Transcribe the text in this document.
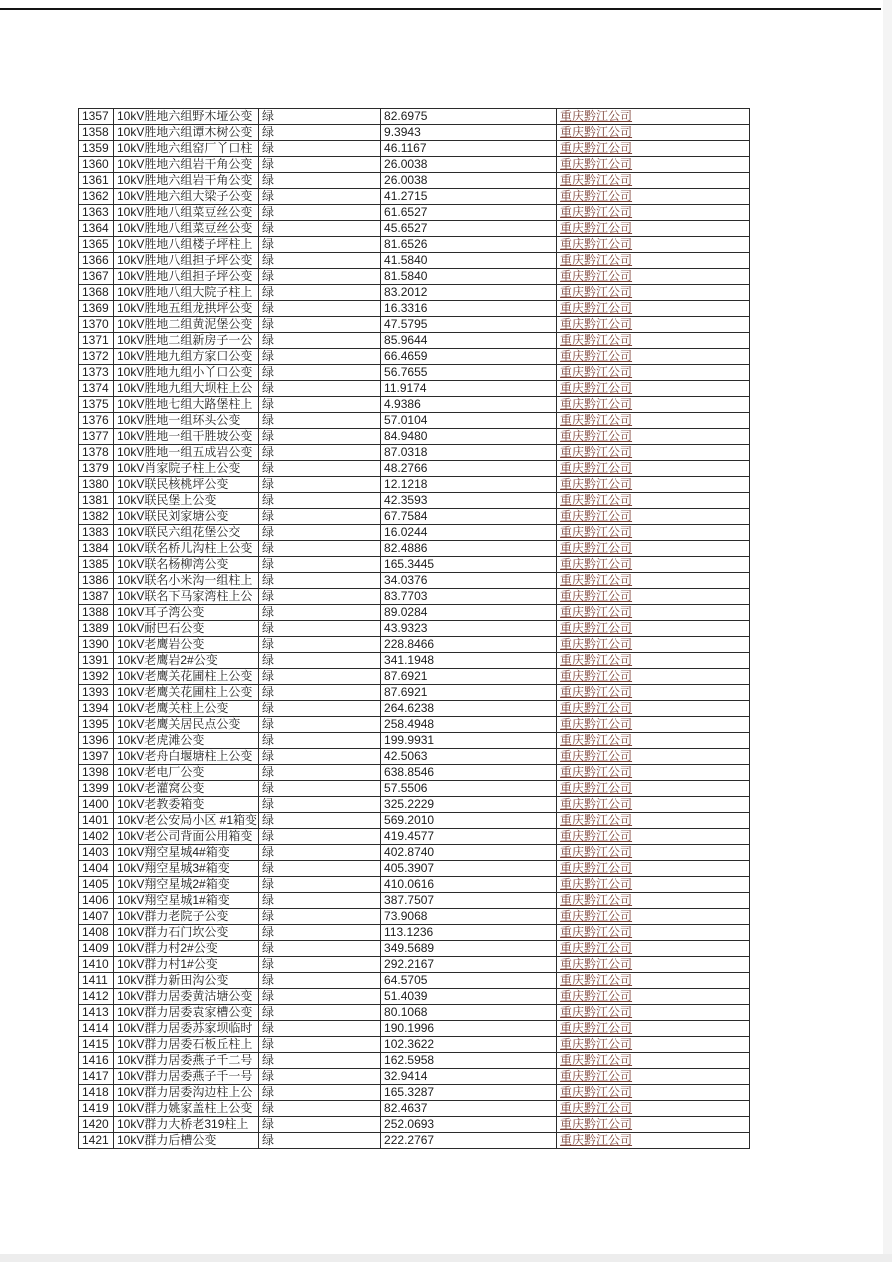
1357	10kV胜地六组野木垭公变	绿	82.6975	重庆黔江公司
1358	10kV胜地六组谭木树公变	绿	9.3943	重庆黔江公司
1359	10kV胜地六组窑厂丫口柱	绿	46.1167	重庆黔江公司
1360	10kV胜地六组岩干角公变	绿	26.0038	重庆黔江公司
1361	10kV胜地六组岩干角公变	绿	26.0038	重庆黔江公司
1362	10kV胜地六组大梁子公变	绿	41.2715	重庆黔江公司
1363	10kV胜地八组菜豆丝公变	绿	61.6527	重庆黔江公司
1364	10kV胜地八组菜豆丝公变	绿	45.6527	重庆黔江公司
1365	10kV胜地八组楼子坪柱上	绿	81.6526	重庆黔江公司
1366	10kV胜地八组担子坪公变	绿	41.5840	重庆黔江公司
1367	10kV胜地八组担子坪公变	绿	81.5840	重庆黔江公司
1368	10kV胜地八组大院子柱上	绿	83.2012	重庆黔江公司
1369	10kV胜地五组龙拱坪公变	绿	16.3316	重庆黔江公司
1370	10kV胜地二组黄泥堡公变	绿	47.5795	重庆黔江公司
1371	10kV胜地二组新房子一公	绿	85.9644	重庆黔江公司
1372	10kV胜地九组方家口公变	绿	66.4659	重庆黔江公司
1373	10kV胜地九组小丫口公变	绿	56.7655	重庆黔江公司
1374	10kV胜地九组大坝柱上公	绿	11.9174	重庆黔江公司
1375	10kV胜地七组大路堡柱上	绿	4.9386	重庆黔江公司
1376	10kV胜地一组环头公变	绿	57.0104	重庆黔江公司
1377	10kV胜地一组干胜坡公变	绿	84.9480	重庆黔江公司
1378	10kV胜地一组五成岩公变	绿	87.0318	重庆黔江公司
1379	10kV肖家院子柱上公变	绿	48.2766	重庆黔江公司
1380	10kV联民核桃坪公变	绿	12.1218	重庆黔江公司
1381	10kV联民堡上公变	绿	42.3593	重庆黔江公司
1382	10kV联民刘家塘公变	绿	67.7584	重庆黔江公司
1383	10kV联民六组花堡公交	绿	16.0244	重庆黔江公司
1384	10kV联名桥儿沟柱上公变	绿	82.4886	重庆黔江公司
1385	10kV联名杨柳湾公变	绿	165.3445	重庆黔江公司
1386	10kV联名小米沟一组柱上	绿	34.0376	重庆黔江公司
1387	10kV联名下马家湾柱上公	绿	83.7703	重庆黔江公司
1388	10kV耳子湾公变	绿	89.0284	重庆黔江公司
1389	10kV耐巴石公变	绿	43.9323	重庆黔江公司
1390	10kV老鹰岩公变	绿	228.8466	重庆黔江公司
1391	10kV老鹰岩2#公变	绿	341.1948	重庆黔江公司
1392	10kV老鹰关花圃柱上公变	绿	87.6921	重庆黔江公司
1393	10kV老鹰关花圃柱上公变	绿	87.6921	重庆黔江公司
1394	10kV老鹰关柱上公变	绿	264.6238	重庆黔江公司
1395	10kV老鹰关居民点公变	绿	258.4948	重庆黔江公司
1396	10kV老虎滩公变	绿	199.9931	重庆黔江公司
1397	10kV老舟白堰塘柱上公变	绿	42.5063	重庆黔江公司
1398	10kV老电厂公变	绿	638.8546	重庆黔江公司
1399	10kV老灌窝公变	绿	57.5506	重庆黔江公司
1400	10kV老教委箱变	绿	325.2229	重庆黔江公司
1401	10kV老公安局小区 #1箱变	绿	569.2010	重庆黔江公司
1402	10kV老公司背面公用箱变	绿	419.4577	重庆黔江公司
1403	10kV翔空星城4#箱变	绿	402.8740	重庆黔江公司
1404	10kV翔空星城3#箱变	绿	405.3907	重庆黔江公司
1405	10kV翔空星城2#箱变	绿	410.0616	重庆黔江公司
1406	10kV翔空星城1#箱变	绿	387.7507	重庆黔江公司
1407	10kV群力老院子公变	绿	73.9068	重庆黔江公司
1408	10kV群力石门坎公变	绿	113.1236	重庆黔江公司
1409	10kV群力村2#公变	绿	349.5689	重庆黔江公司
1410	10kV群力村1#公变	绿	292.2167	重庆黔江公司
1411	10kV群力新田沟公变	绿	64.5705	重庆黔江公司
1412	10kV群力居委黄沽塘公变	绿	51.4039	重庆黔江公司
1413	10kV群力居委袁家槽公变	绿	80.1068	重庆黔江公司
1414	10kV群力居委苏家坝临时	绿	190.1996	重庆黔江公司
1415	10kV群力居委石板丘柱上	绿	102.3622	重庆黔江公司
1416	10kV群力居委燕子千二号	绿	162.5958	重庆黔江公司
1417	10kV群力居委燕子千一号	绿	32.9414	重庆黔江公司
1418	10kV群力居委沟边柱上公	绿	165.3287	重庆黔江公司
1419	10kV群力姚家盖柱上公变	绿	82.4637	重庆黔江公司
1420	10kV群力大桥老319柱上	绿	252.0693	重庆黔江公司
1421	10kV群力后槽公变	绿	222.2767	重庆黔江公司
